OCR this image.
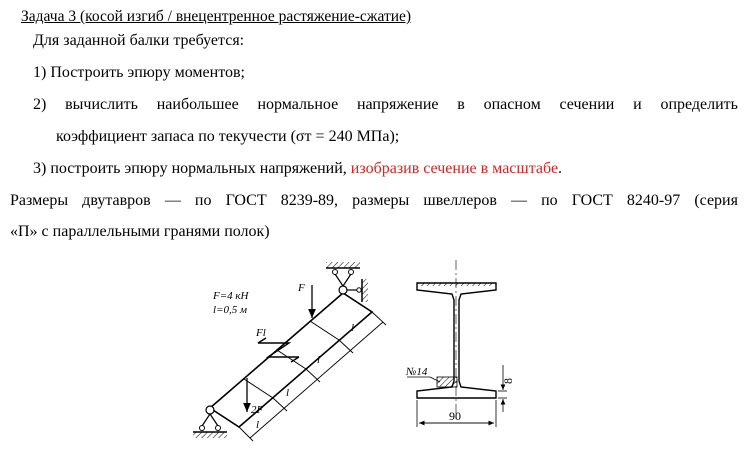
Задача 3 (косой изгиб / внецентренное растяжение-сжатие)
Для заданной балки требуется:
1) Построить эпюру моментов;
2) вычислить наибольшее нормальное напряжение в опасном сечении и определить
коэффициент запаса по текучести (σт = 240 МПа);
3) построить эпюру нормальных напряжений, изобразив сечение в масштабе.
Размеры двутавров — по ГОСТ 8239-89, размеры швеллеров — по ГОСТ 8240-97 (серия
«П» с параллельными гранями полок)
F=4 кН
l=0,5 м
F
Fl
2F
l
l
l
l
№14
90
8
